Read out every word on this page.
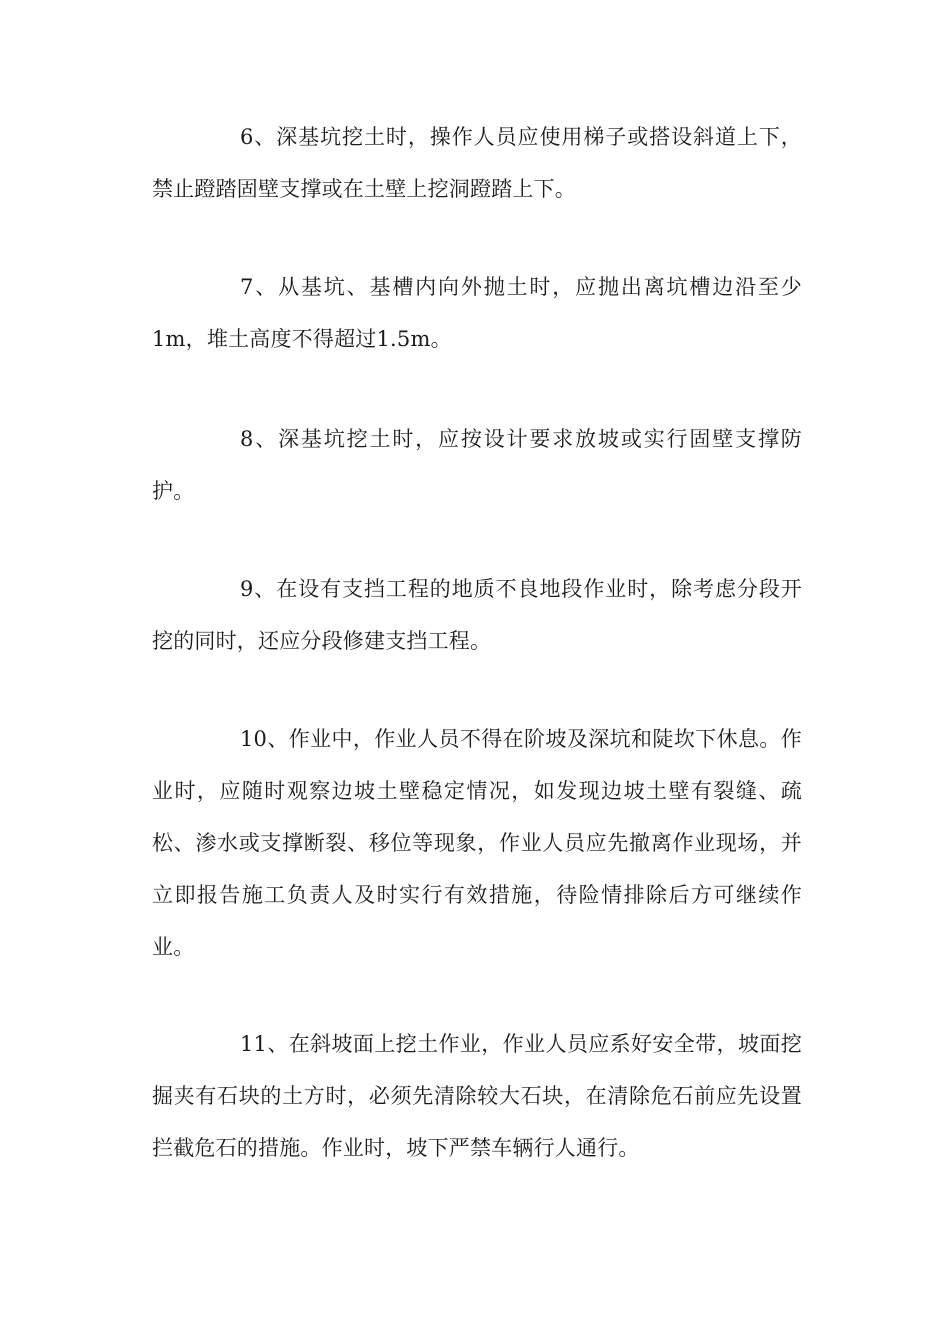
6、深基坑挖土时，操作人员应使用梯子或搭设斜道上下，禁止蹬踏固壁支撑或在土壁上挖洞蹬踏上下。

7、从基坑、基槽内向外抛土时，应抛出离坑槽边沿至少1m，堆土高度不得超过1.5m。

8、深基坑挖土时，应按设计要求放坡或实行固壁支撑防护。

9、在设有支挡工程的地质不良地段作业时，除考虑分段开挖的同时，还应分段修建支挡工程。

10、作业中，作业人员不得在阶坡及深坑和陡坎下休息。作业时，应随时观察边坡土壁稳定情况，如发现边坡土壁有裂缝、疏松、渗水或支撑断裂、移位等现象，作业人员应先撤离作业现场，并立即报告施工负责人及时实行有效措施，待险情排除后方可继续作业。

11、在斜坡面上挖土作业，作业人员应系好安全带，坡面挖掘夹有石块的土方时，必须先清除较大石块，在清除危石前应先设置拦截危石的措施。作业时，坡下严禁车辆行人通行。
